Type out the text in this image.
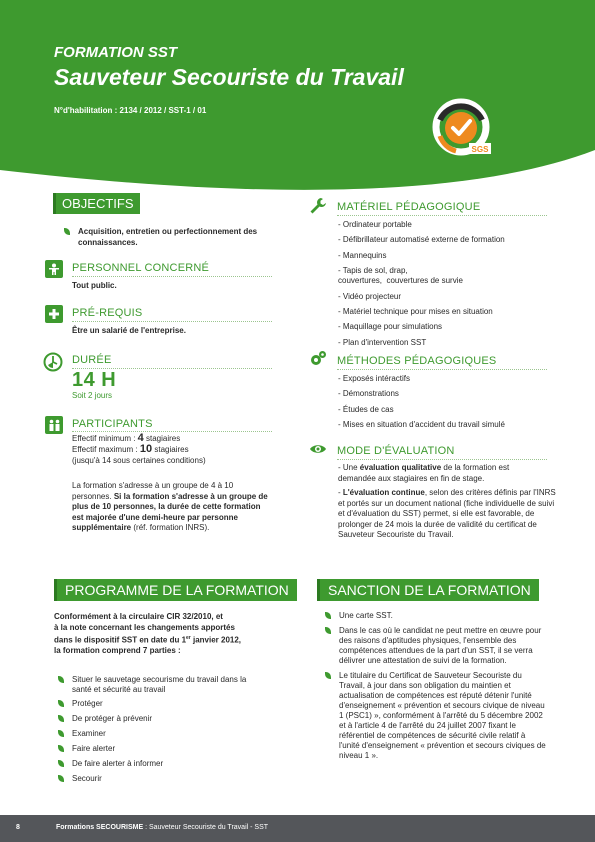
FORMATION SST
Sauveteur Secouriste du Travail
N°d'habilitation : 2134 / 2012 / SST-1 / 01
SGS
OBJECTIFS
Acquisition, entretien ou perfectionnement des connaissances.
PERSONNEL CONCERNÉ
Tout public.
PRÉ-REQUIS
Être un salarié de l'entreprise.
DURÉE
14 H
Soit 2 jours
PARTICIPANTS
Effectif minimum : 4 stagiaires
Effectif maximum : 10 stagiaires
(jusqu'à 14 sous certaines conditions)
La formation s'adresse à un groupe de 4 à 10 personnes. Si la formation s'adresse à un groupe de plus de 10 personnes, la durée de cette formation est majorée d'une demi-heure par personne supplémentaire (réf. formation INRS).
MATÉRIEL PÉDAGOGIQUE
- Ordinateur portable
- Défibrillateur automatisé externe de formation
- Mannequins
- Tapis de sol, drap, couvertures,  couvertures de survie
- Vidéo projecteur
- Matériel technique pour mises en situation
- Maquillage pour simulations
- Plan d'intervention SST
MÉTHODES PÉDAGOGIQUES
- Exposés intéractifs
- Démonstrations
- Études de cas
- Mises en situation d'accident du travail simulé
MODE D'ÉVALUATION
- Une évaluation qualitative de la formation est demandée aux stagiaires en fin de stage.
- L'évaluation continue, selon des critères définis par l'INRS et portés sur un document national (fiche individuelle de suivi et d'évaluation du SST) permet, si elle est favorable, de prolonger de 24 mois la durée de validité du certificat de Sauveteur Secouriste du Travail.
PROGRAMME DE LA FORMATION
Conformément à la circulaire CIR 32/2010, et
à la note concernant les changements apportés
dans le dispositif SST en date du 1er janvier 2012,
la formation comprend 7 parties :
Situer le sauvetage secourisme du travail dans la santé et sécurité au travail
Protéger
De protéger à prévenir
Examiner
Faire alerter
De faire alerter à informer
Secourir
SANCTION DE LA FORMATION
Une carte SST.
Dans le cas où le candidat ne peut mettre en œuvre pour des raisons d'aptitudes physiques, l'ensemble des compétences attendues de la part d'un SST, il se verra délivrer une attestation de suivi de la formation.
Le titulaire du Certificat de Sauveteur Secouriste du Travail, à jour dans son obligation du maintien et actualisation de compétences est réputé détenir l'unité d'enseignement « prévention et secours civique de niveau 1 (PSC1) », conformément à l'arrêté du 5 décembre 2002 et à l'article 4 de l'arrêté du 24 juillet 2007 fixant le référentiel de compétences de sécurité civile relatif à l'unité d'enseignement « prévention et secours civiques de niveau 1 ».
8	Formations SECOURISME : Sauveteur Secouriste du Travail - SST
